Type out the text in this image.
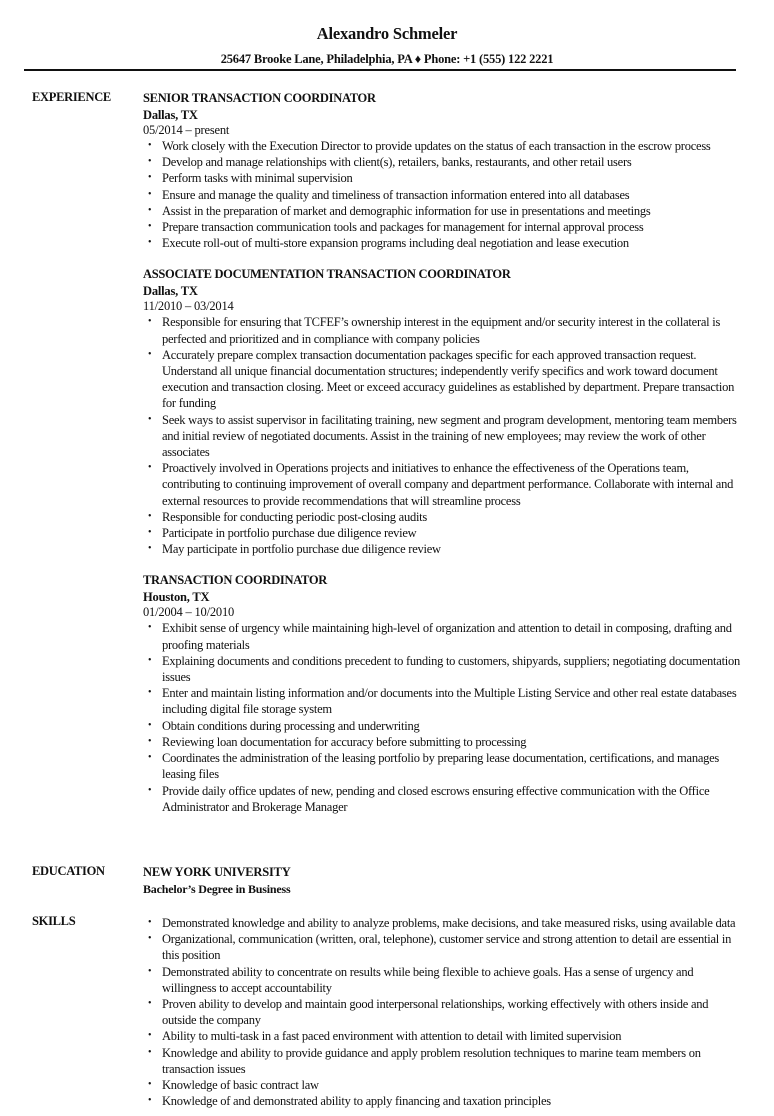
Alexandro Schmeler
25647 Brooke Lane, Philadelphia, PA ♦ Phone: +1 (555) 122 2221
EXPERIENCE	SENIOR TRANSACTION COORDINATOR
Dallas, TX
05/2014 – present
• Work closely with the Execution Director to provide updates on the status of each transaction in the escrow process
• Develop and manage relationships with client(s), retailers, banks, restaurants, and other retail users
• Perform tasks with minimal supervision
• Ensure and manage the quality and timeliness of transaction information entered into all databases
• Assist in the preparation of market and demographic information for use in presentations and meetings
• Prepare transaction communication tools and packages for management for internal approval process
• Execute roll-out of multi-store expansion programs including deal negotiation and lease execution
ASSOCIATE DOCUMENTATION TRANSACTION COORDINATOR
Dallas, TX
11/2010 – 03/2014
• Responsible for ensuring that TCFEF’s ownership interest in the equipment and/or security interest in the collateral is perfected and prioritized and in compliance with company policies
• Accurately prepare complex transaction documentation packages specific for each approved transaction request. Understand all unique financial documentation structures; independently verify specifics and work toward document execution and transaction closing. Meet or exceed accuracy guidelines as established by department. Prepare transaction for funding
• Seek ways to assist supervisor in facilitating training, new segment and program development, mentoring team members and initial review of negotiated documents. Assist in the training of new employees; may review the work of other associates
• Proactively involved in Operations projects and initiatives to enhance the effectiveness of the Operations team, contributing to continuing improvement of overall company and department performance. Collaborate with internal and external resources to provide recommendations that will streamline process
• Responsible for conducting periodic post-closing audits
• Participate in portfolio purchase due diligence review
• May participate in portfolio purchase due diligence review
TRANSACTION COORDINATOR
Houston, TX
01/2004 – 10/2010
• Exhibit sense of urgency while maintaining high-level of organization and attention to detail in composing, drafting and proofing materials
• Explaining documents and conditions precedent to funding to customers, shipyards, suppliers; negotiating documentation issues
• Enter and maintain listing information and/or documents into the Multiple Listing Service and other real estate databases including digital file storage system
• Obtain conditions during processing and underwriting
• Reviewing loan documentation for accuracy before submitting to processing
• Coordinates the administration of the leasing portfolio by preparing lease documentation, certifications, and manages leasing files
• Provide daily office updates of new, pending and closed escrows ensuring effective communication with the Office Administrator and Brokerage Manager
EDUCATION	NEW YORK UNIVERSITY
Bachelor’s Degree in Business
SKILLS	• Demonstrated knowledge and ability to analyze problems, make decisions, and take measured risks, using available data
• Organizational, communication (written, oral, telephone), customer service and strong attention to detail are essential in this position
• Demonstrated ability to concentrate on results while being flexible to achieve goals. Has a sense of urgency and willingness to accept accountability
• Proven ability to develop and maintain good interpersonal relationships, working effectively with others inside and outside the company
• Ability to multi-task in a fast paced environment with attention to detail with limited supervision
• Knowledge and ability to provide guidance and apply problem resolution techniques to marine team members on transaction issues
• Knowledge of basic contract law
• Knowledge of and demonstrated ability to apply financing and taxation principles
